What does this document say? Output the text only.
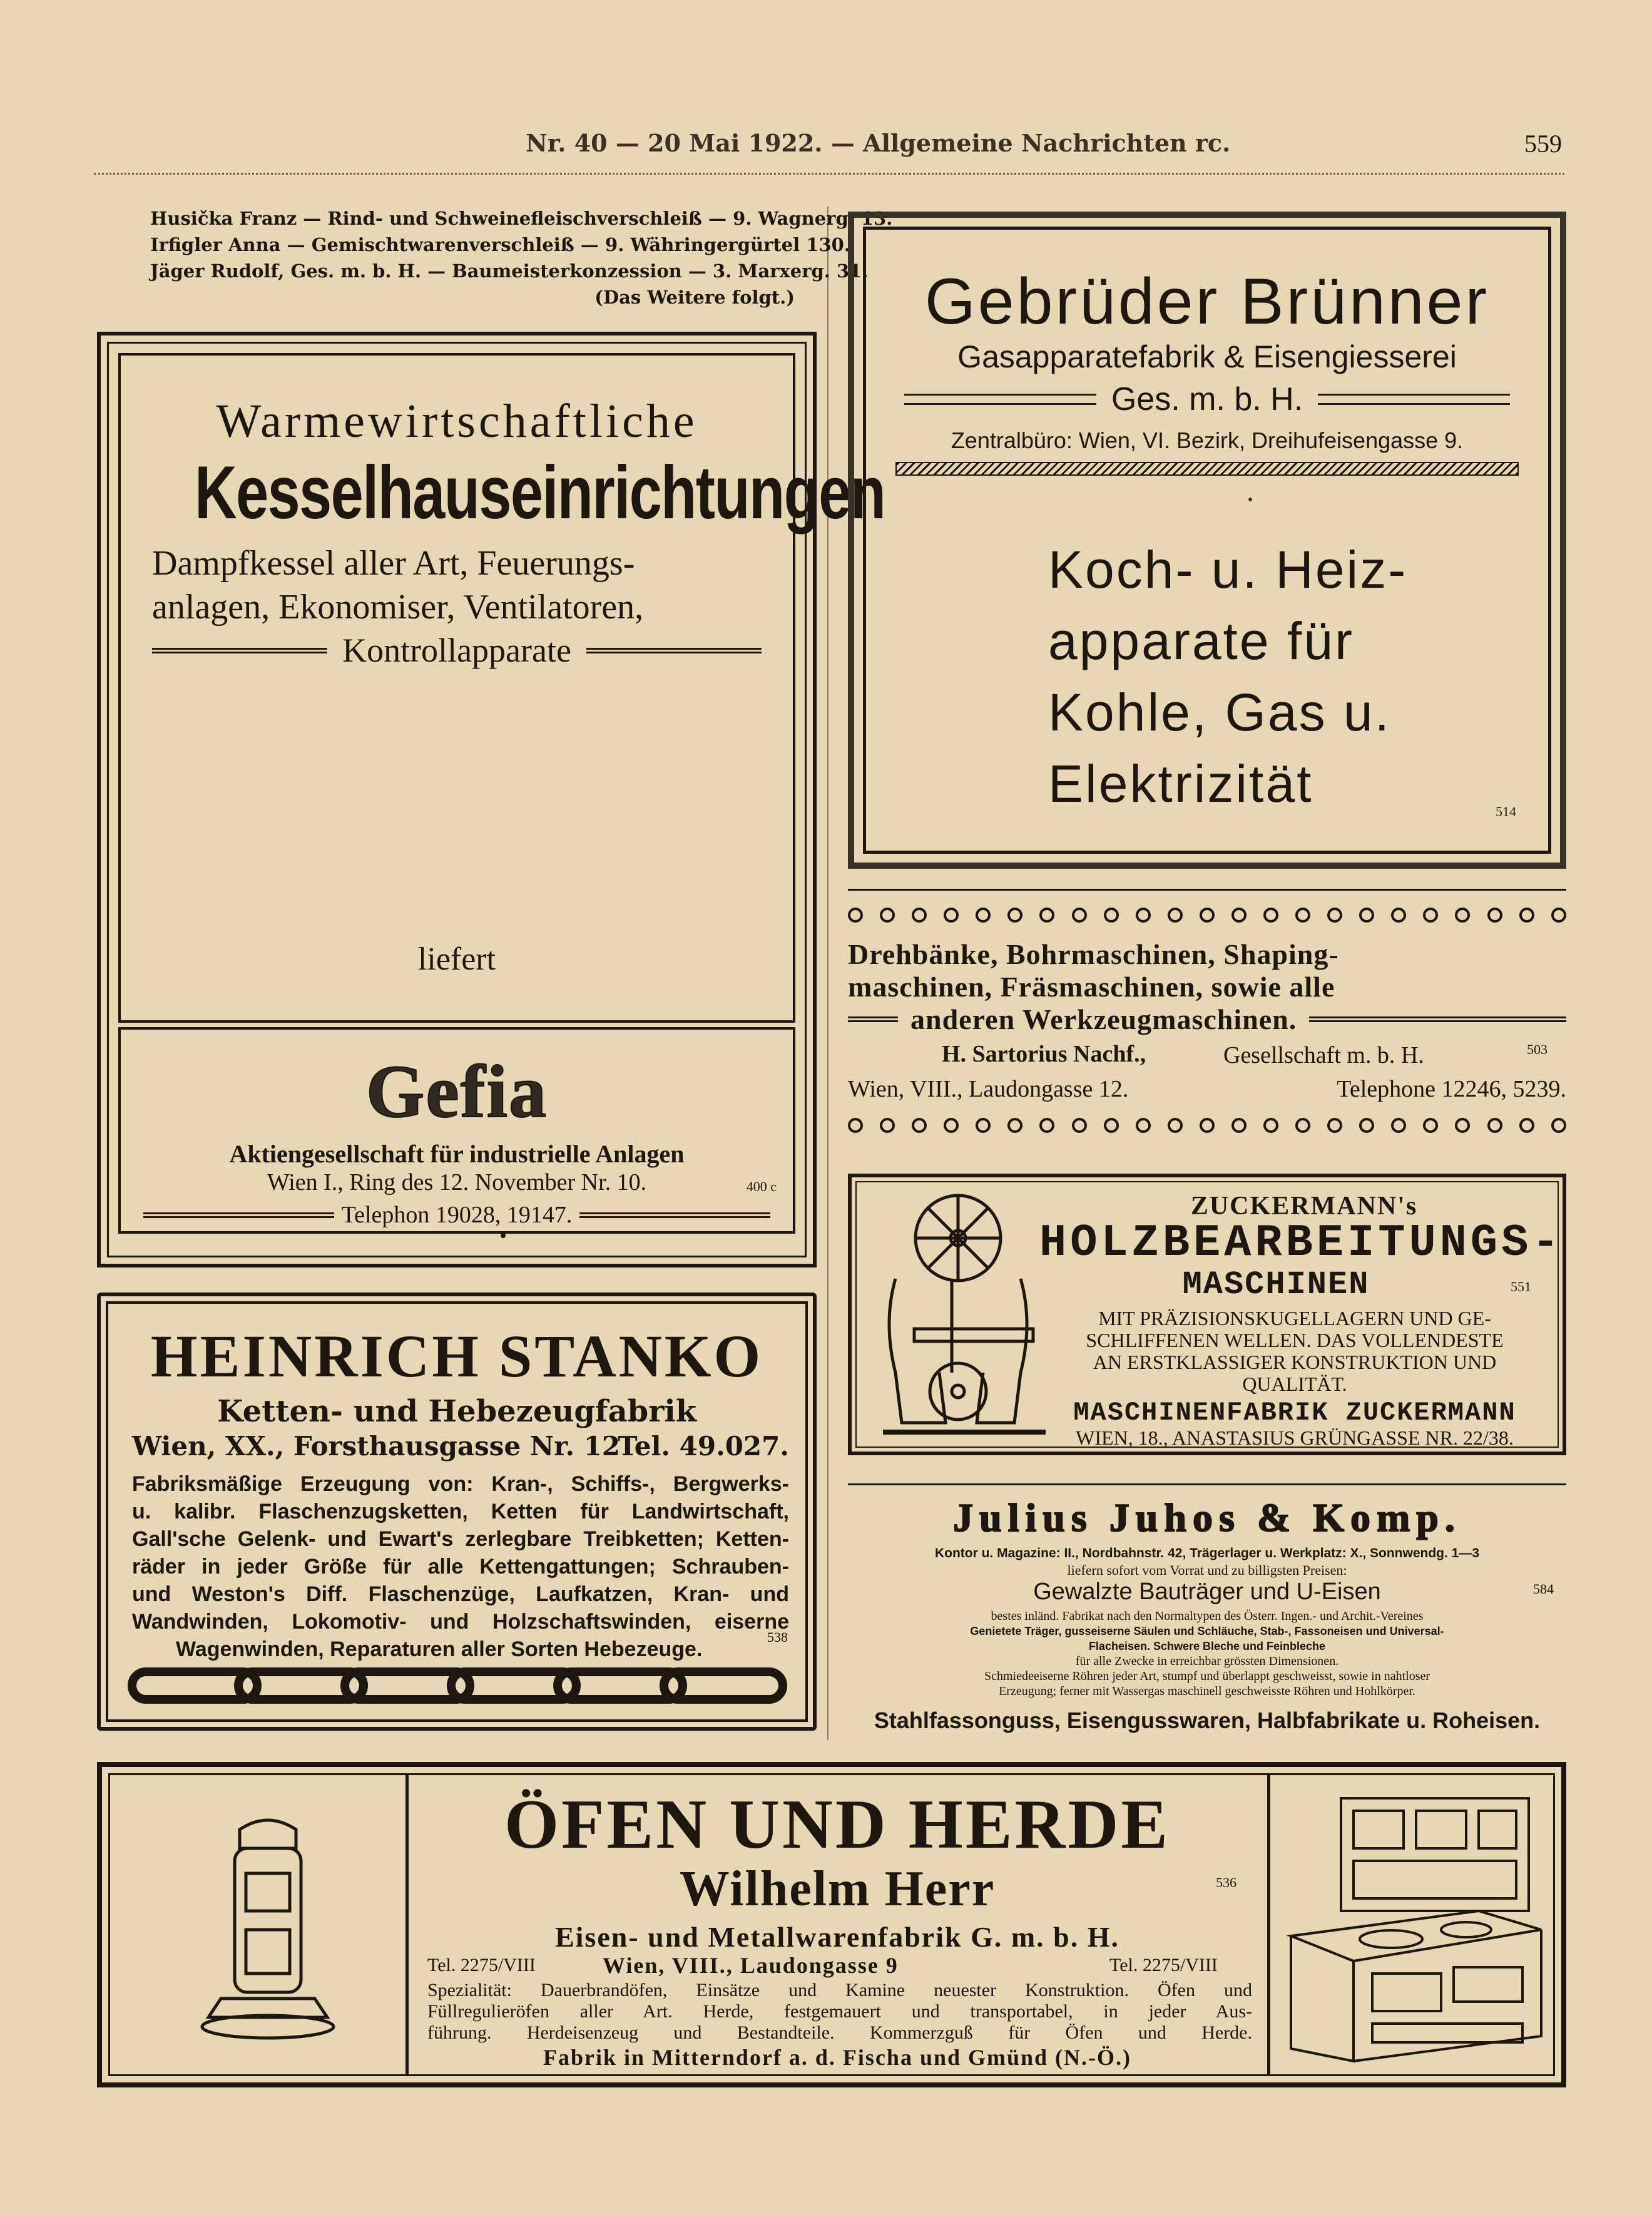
Nr. 40 — 20 Mai 1922. — Allgemeine Nachrichten rc.	559
Husička Franz — Rind- und Schweinefleischverschleiß — 9. Wagnerg. 13.
Irfigler Anna — Gemischtwarenverschleiß — 9. Währingergürtel 130.
Jäger Rudolf, Ges. m. b. H. — Baumeisterkonzession — 3. Marxerg. 31.
(Das Weitere folgt.)
Warmewirtschaftliche
Kesselhauseinrichtungen
Dampfkessel aller Art, Feuerungs-
anlagen, Ekonomiser, Ventilatoren,
Kontrollapparate
liefert
Gefia
Aktiengesellschaft für industrielle Anlagen
Wien I., Ring des 12. November Nr. 10.
Telephon 19028, 19147.
400 c
HEINRICH STANKO
Ketten- und Hebezeugfabrik
Wien, XX., Forsthausgasse Nr. 12
Tel. 49.027.
Fabriksmäßige Erzeugung von: Kran-, Schiffs-, Bergwerks-
u. kalibr. Flaschenzugsketten, Ketten für Landwirtschaft,
Gall'sche Gelenk- und Ewart's zerlegbare Treibketten; Ketten-
räder in jeder Größe für alle Kettengattungen; Schrauben-
und Weston's Diff. Flaschenzüge, Laufkatzen, Kran- und
Wandwinden, Lokomotiv- und Holzschaftswinden, eiserne
Wagenwinden, Reparaturen aller Sorten Hebezeuge.
538
Gebrüder Brünner
Gasapparatefabrik & Eisengiesserei
Ges. m. b. H.
Zentralbüro: Wien, VI. Bezirk, Dreihufeisengasse 9.
Koch- u. Heiz-
apparate für
Kohle, Gas u.
Elektrizität	514
Drehbänke, Bohrmaschinen, Shaping-
maschinen, Fräsmaschinen, sowie alle
anderen Werkzeugmaschinen.
H. Sartorius Nachf.,	Gesellschaft m. b. H.	503
Wien, VIII., Laudongasse 12.	Telephone 12246, 5239.
ZUCKERMANN's
HOLZBEARBEITUNGS-
MASCHINEN	551
MIT PRÄZISIONSKUGELLAGERN UND GE-
SCHLIFFENEN WELLEN. DAS VOLLENDESTE
AN ERSTKLASSIGER KONSTRUKTION UND
QUALITÄT.
MASCHINENFABRIK ZUCKERMANN
WIEN, 18., ANASTASIUS GRÜNGASSE NR. 22/38.
Julius Juhos & Komp.
Kontor u. Magazine: II., Nordbahnstr. 42, Trägerlager u. Werkplatz: X., Sonnwendg. 1—3
liefern sofort vom Vorrat und zu billigsten Preisen:
Gewalzte Bauträger und U-Eisen	584
bestes inländ. Fabrikat nach den Normaltypen des Österr. Ingen.- und Archit.-Vereines
Genietete Träger, gusseiserne Säulen und Schläuche, Stab-, Fassoneisen und Universal-
Flacheisen. Schwere Bleche und Feinbleche
für alle Zwecke in erreichbar grössten Dimensionen.
Schmiedeeiserne Röhren jeder Art, stumpf und überlappt geschweisst, sowie in nahtloser
Erzeugung; ferner mit Wassergas maschinell geschweisste Röhren und Hohlkörper.
Stahlfassonguss, Eisengusswaren, Halbfabrikate u. Roheisen.
ÖFEN UND HERDE
Wilhelm Herr	536
Eisen- und Metallwarenfabrik G. m. b. H.
Tel. 2275/VIII	Wien, VIII., Laudongasse 9	Tel. 2275/VIII
Spezialität: Dauerbrandöfen, Einsätze und Kamine neuester Konstruktion. Öfen und
Füllregulieröfen aller Art. Herde, festgemauert und transportabel, in jeder Aus-
führung. Herdeisenzeug und Bestandteile. Kommerzguß für Öfen und Herde.
Fabrik in Mitterndorf a. d. Fischa und Gmünd (N.-Ö.)
